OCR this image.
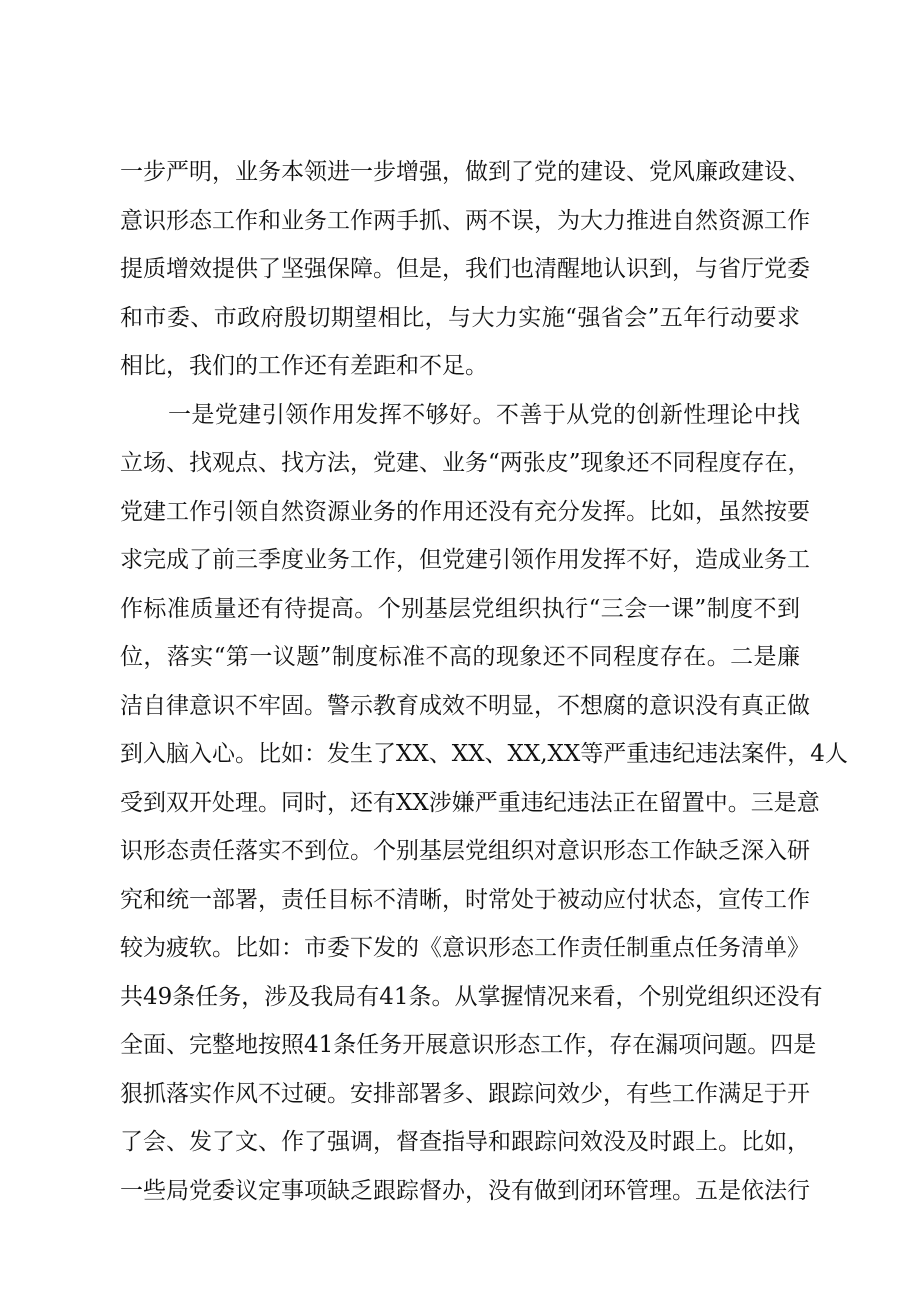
一步严明，业务本领进一步增强，做到了党的建设、党风廉政建设、
意识形态工作和业务工作两手抓、两不误，为大力推进自然资源工作
提质增效提供了坚强保障。但是，我们也清醒地认识到，与省厅党委
和市委、市政府殷切期望相比，与大力实施“强省会”五年行动要求
相比，我们的工作还有差距和不足。
一是党建引领作用发挥不够好。不善于从党的创新性理论中找
立场、找观点、找方法，党建、业务“两张皮”现象还不同程度存在，
党建工作引领自然资源业务的作用还没有充分发挥。比如，虽然按要
求完成了前三季度业务工作，但党建引领作用发挥不好，造成业务工
作标准质量还有待提高。个别基层党组织执行“三会一课”制度不到
位，落实“第一议题”制度标准不高的现象还不同程度存在。二是廉
洁自律意识不牢固。警示教育成效不明显，不想腐的意识没有真正做
到入脑入心。比如：发生了XX、XX、XX,XX等严重违纪违法案件，4人
受到双开处理。同时，还有XX涉嫌严重违纪违法正在留置中。三是意
识形态责任落实不到位。个别基层党组织对意识形态工作缺乏深入研
究和统一部署，责任目标不清晰，时常处于被动应付状态，宣传工作
较为疲软。比如：市委下发的《意识形态工作责任制重点任务清单》
共49条任务，涉及我局有41条。从掌握情况来看，个别党组织还没有
全面、完整地按照41条任务开展意识形态工作，存在漏项问题。四是
狠抓落实作风不过硬。安排部署多、跟踪问效少，有些工作满足于开
了会、发了文、作了强调，督查指导和跟踪问效没及时跟上。比如，
一些局党委议定事项缺乏跟踪督办，没有做到闭环管理。五是依法行
